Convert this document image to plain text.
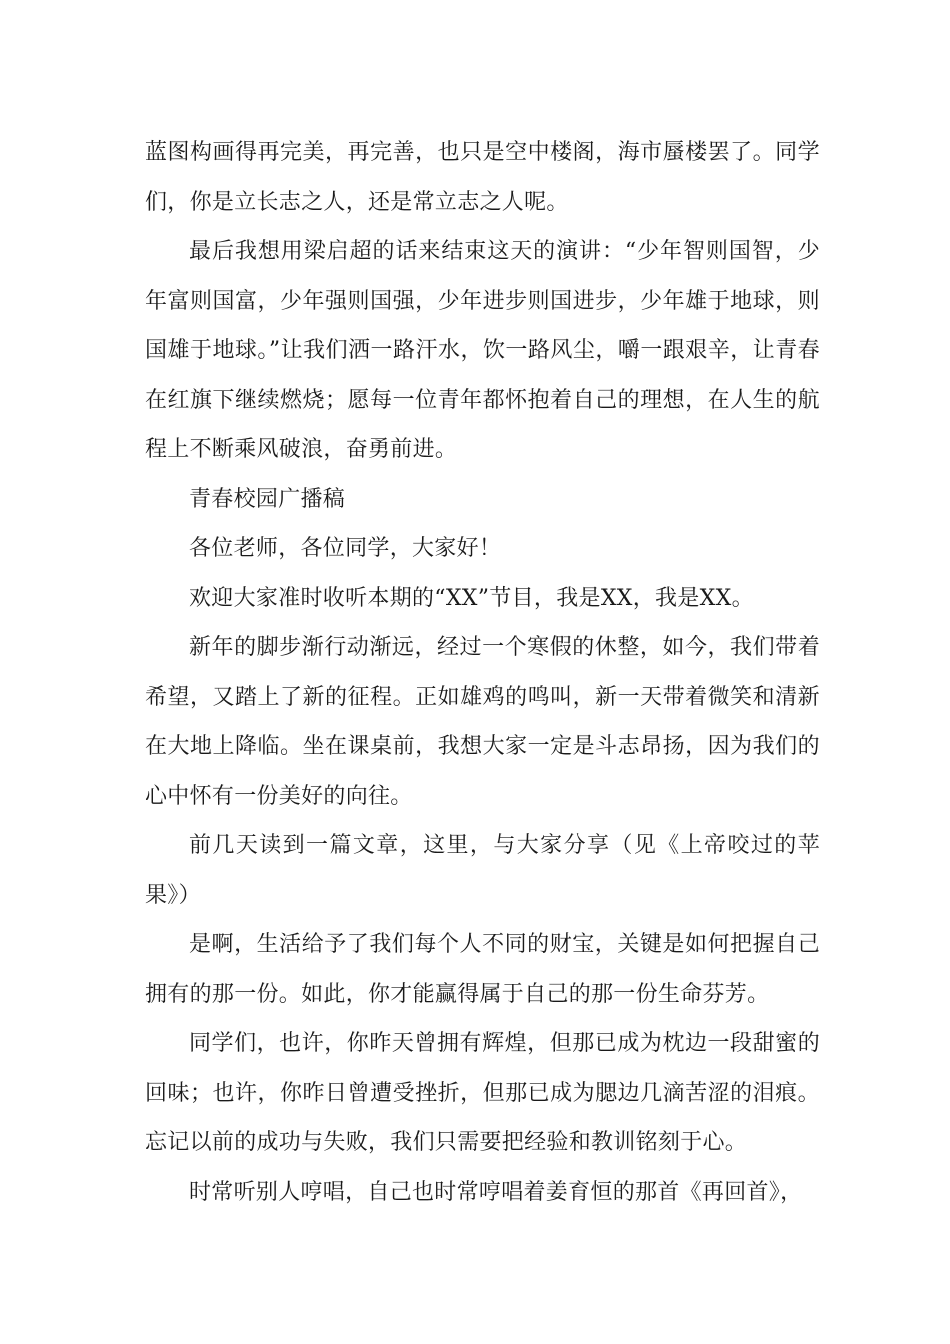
蓝图构画得再完美，再完善，也只是空中楼阁，海市蜃楼罢了。同学们，你是立长志之人，还是常立志之人呢。

最后我想用梁启超的话来结束这天的演讲：“少年智则国智，少年富则国富，少年强则国强，少年进步则国进步，少年雄于地球，则国雄于地球。”让我们洒一路汗水，饮一路风尘，嚼一跟艰辛，让青春在红旗下继续燃烧；愿每一位青年都怀抱着自己的理想，在人生的航程上不断乘风破浪，奋勇前进。

青春校园广播稿

各位老师，各位同学，大家好！

欢迎大家准时收听本期的“XX”节目，我是XX，我是XX。

新年的脚步渐行动渐远，经过一个寒假的休整，如今，我们带着希望，又踏上了新的征程。正如雄鸡的鸣叫，新一天带着微笑和清新在大地上降临。坐在课桌前，我想大家一定是斗志昂扬，因为我们的心中怀有一份美好的向往。

前几天读到一篇文章，这里，与大家分享（见《上帝咬过的苹果》）

是啊，生活给予了我们每个人不同的财宝，关键是如何把握自己拥有的那一份。如此，你才能赢得属于自己的那一份生命芬芳。

同学们，也许，你昨天曾拥有辉煌，但那已成为枕边一段甜蜜的回味；也许，你昨日曾遭受挫折，但那已成为腮边几滴苦涩的泪痕。忘记以前的成功与失败，我们只需要把经验和教训铭刻于心。

时常听别人哼唱，自己也时常哼唱着姜育恒的那首《再回首》，
